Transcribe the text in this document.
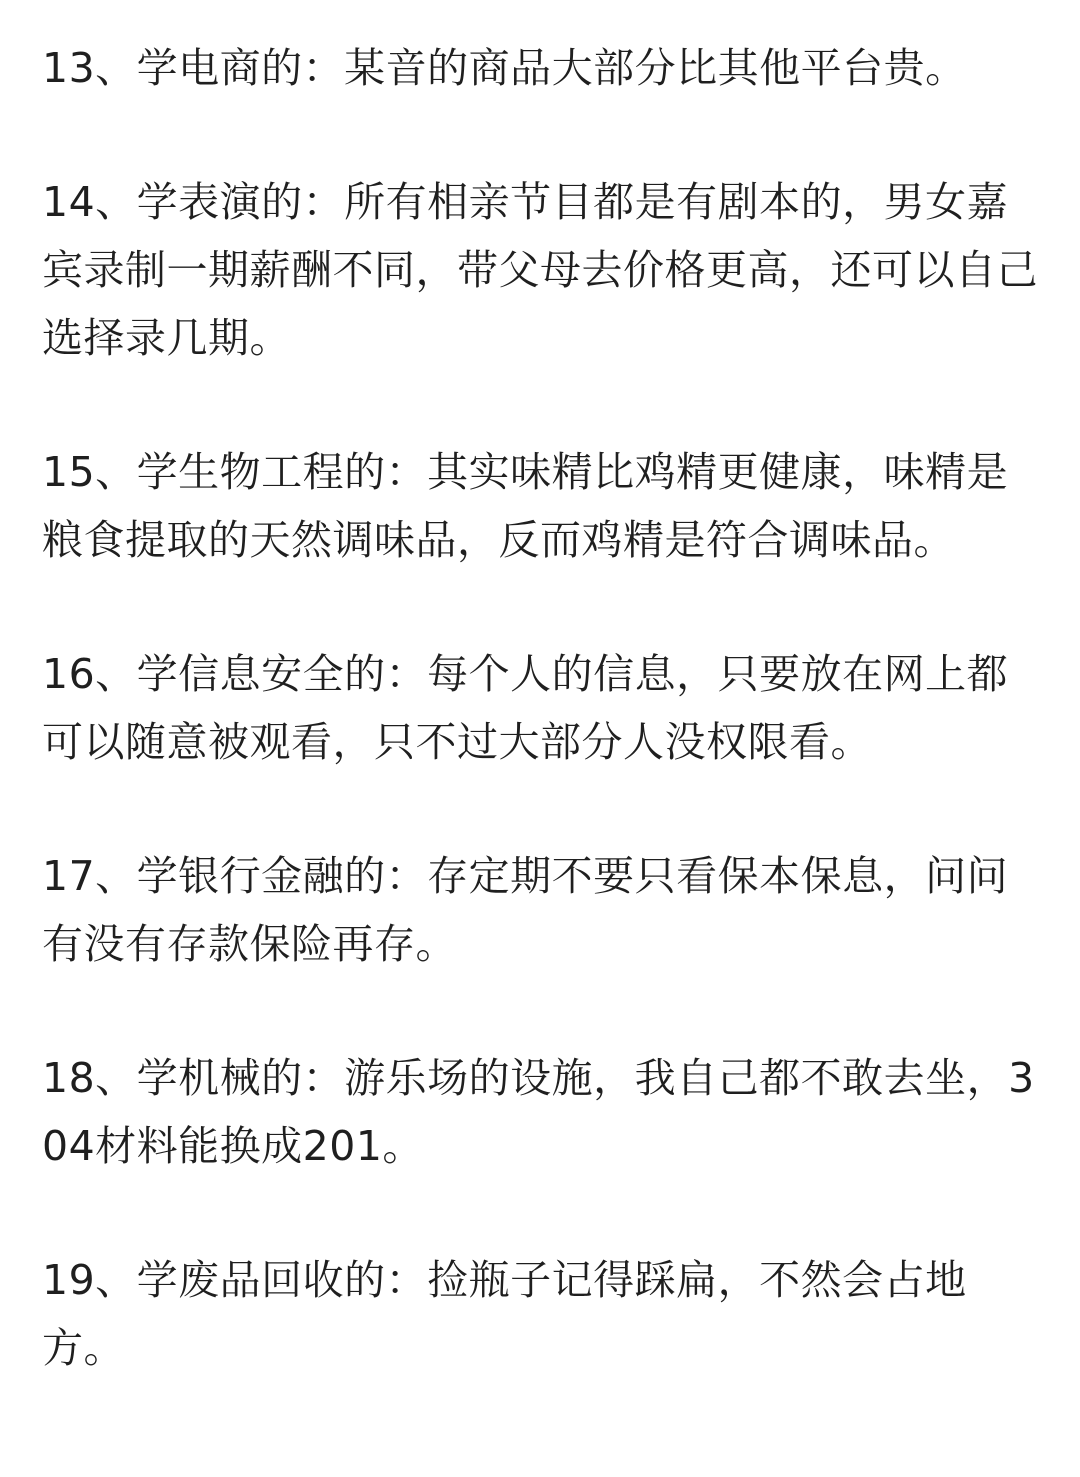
13、学电商的：某音的商品大部分比其他平台贵。

14、学表演的：所有相亲节目都是有剧本的，男女嘉宾录制一期薪酬不同，带父母去价格更高，还可以自己选择录几期。

15、学生物工程的：其实味精比鸡精更健康，味精是粮食提取的天然调味品，反而鸡精是符合调味品。

16、学信息安全的：每个人的信息，只要放在网上都可以随意被观看，只不过大部分人没权限看。

17、学银行金融的：存定期不要只看保本保息，问问有没有存款保险再存。

18、学机械的：游乐场的设施，我自己都不敢去坐，304材料能换成201。

19、学废品回收的：捡瓶子记得踩扁，不然会占地方。
